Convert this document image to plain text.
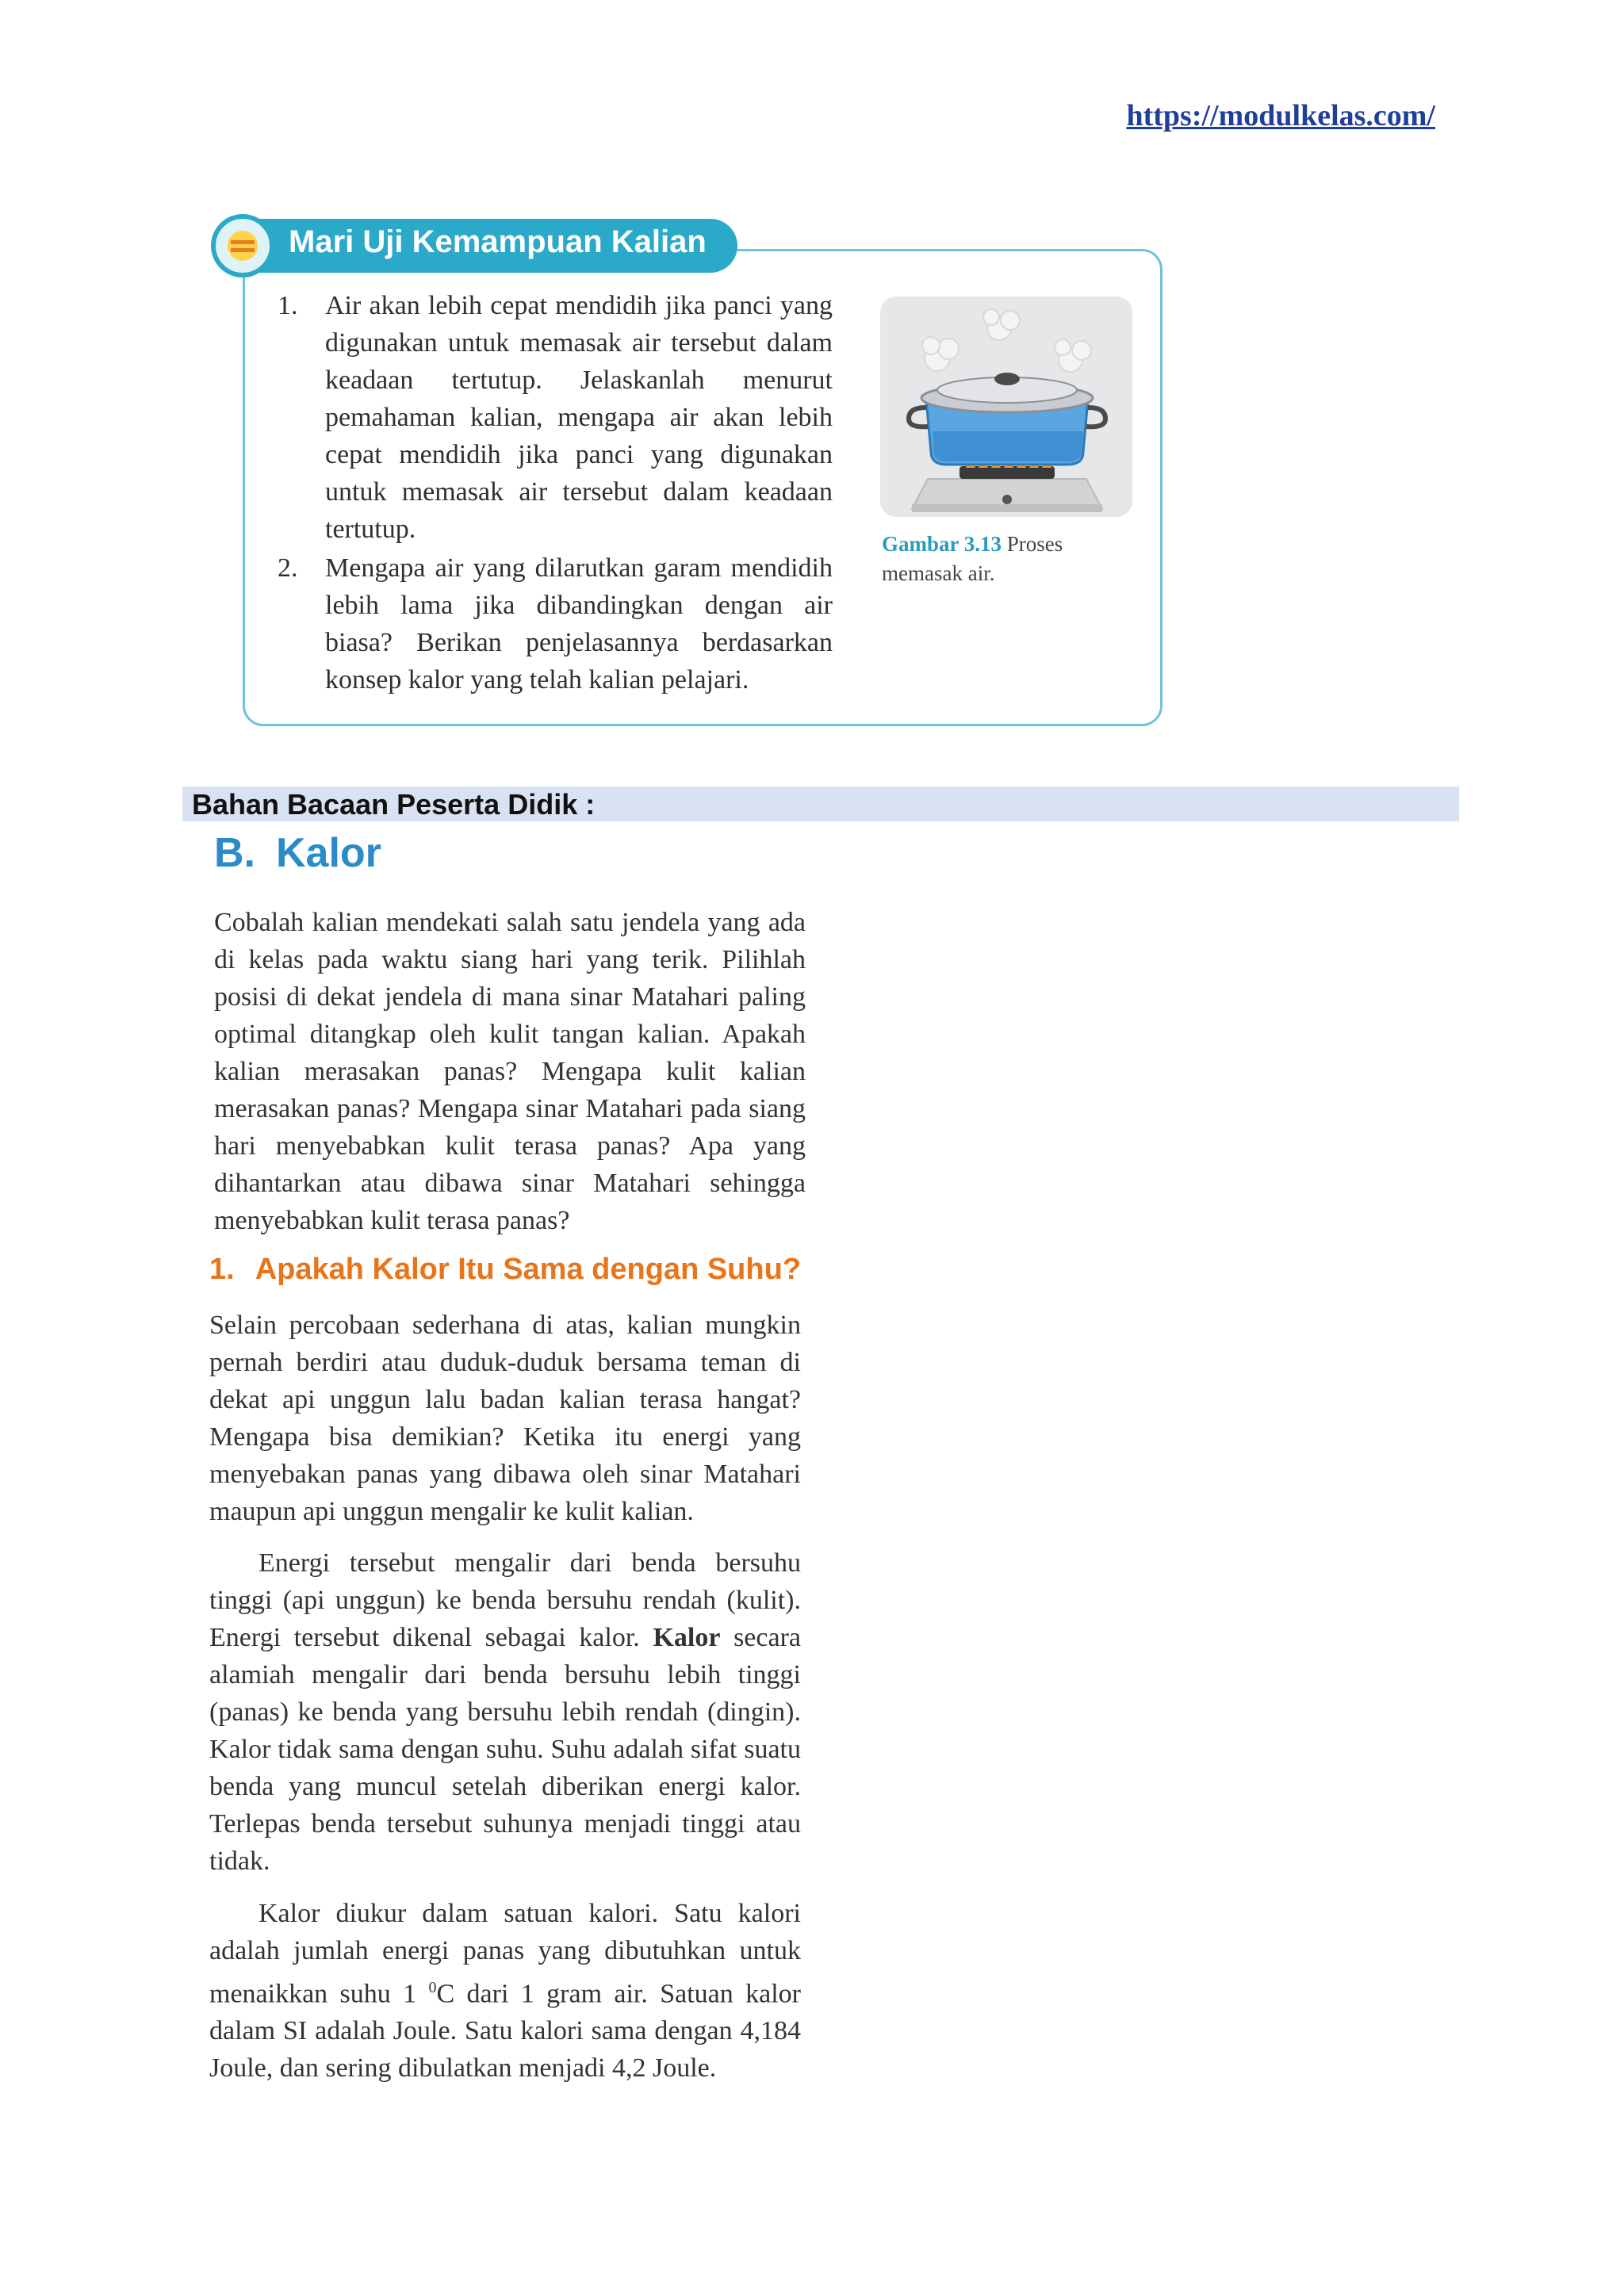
https://modulkelas.com/
Mari Uji Kemampuan Kalian
1.	Air akan lebih cepat mendidih jika panci yang digunakan untuk memasak air tersebut dalam keadaan tertutup. Jelaskanlah menurut pemahaman kalian, mengapa air akan lebih cepat mendidih jika panci yang digunakan untuk memasak air tersebut dalam keadaan tertutup.
2.	Mengapa air yang dilarutkan garam mendidih lebih lama jika dibandingkan dengan air biasa? Berikan penjelasannya berdasarkan konsep kalor yang telah kalian pelajari.
Gambar 3.13 Proses memasak air.
Bahan Bacaan Peserta Didik :
B. Kalor
Cobalah kalian mendekati salah satu jendela yang ada di kelas pada waktu siang hari yang terik. Pilihlah posisi di dekat jendela di mana sinar Matahari paling optimal ditangkap oleh kulit tangan kalian. Apakah kalian merasakan panas? Mengapa kulit kalian merasakan panas? Mengapa sinar Matahari pada siang hari menyebabkan kulit terasa panas? Apa yang dihantarkan atau dibawa sinar Matahari sehingga menyebabkan kulit terasa panas?
1. Apakah Kalor Itu Sama dengan Suhu?
Selain percobaan sederhana di atas, kalian mungkin pernah berdiri atau duduk-duduk bersama teman di dekat api unggun lalu badan kalian terasa hangat? Mengapa bisa demikian? Ketika itu energi yang menyebakan panas yang dibawa oleh sinar Matahari maupun api unggun mengalir ke kulit kalian.
Energi tersebut mengalir dari benda bersuhu tinggi (api unggun) ke benda bersuhu rendah (kulit). Energi tersebut dikenal sebagai kalor. Kalor secara alamiah mengalir dari benda bersuhu lebih tinggi (panas) ke benda yang bersuhu lebih rendah (dingin). Kalor tidak sama dengan suhu. Suhu adalah sifat suatu benda yang muncul setelah diberikan energi kalor. Terlepas benda tersebut suhunya menjadi tinggi atau tidak.
Kalor diukur dalam satuan kalori. Satu kalori adalah jumlah energi panas yang dibutuhkan untuk menaikkan suhu 1 $^0$C dari 1 gram air. Satuan kalor dalam SI adalah Joule. Satu kalori sama dengan 4,184 Joule, dan sering dibulatkan menjadi 4,2 Joule.
